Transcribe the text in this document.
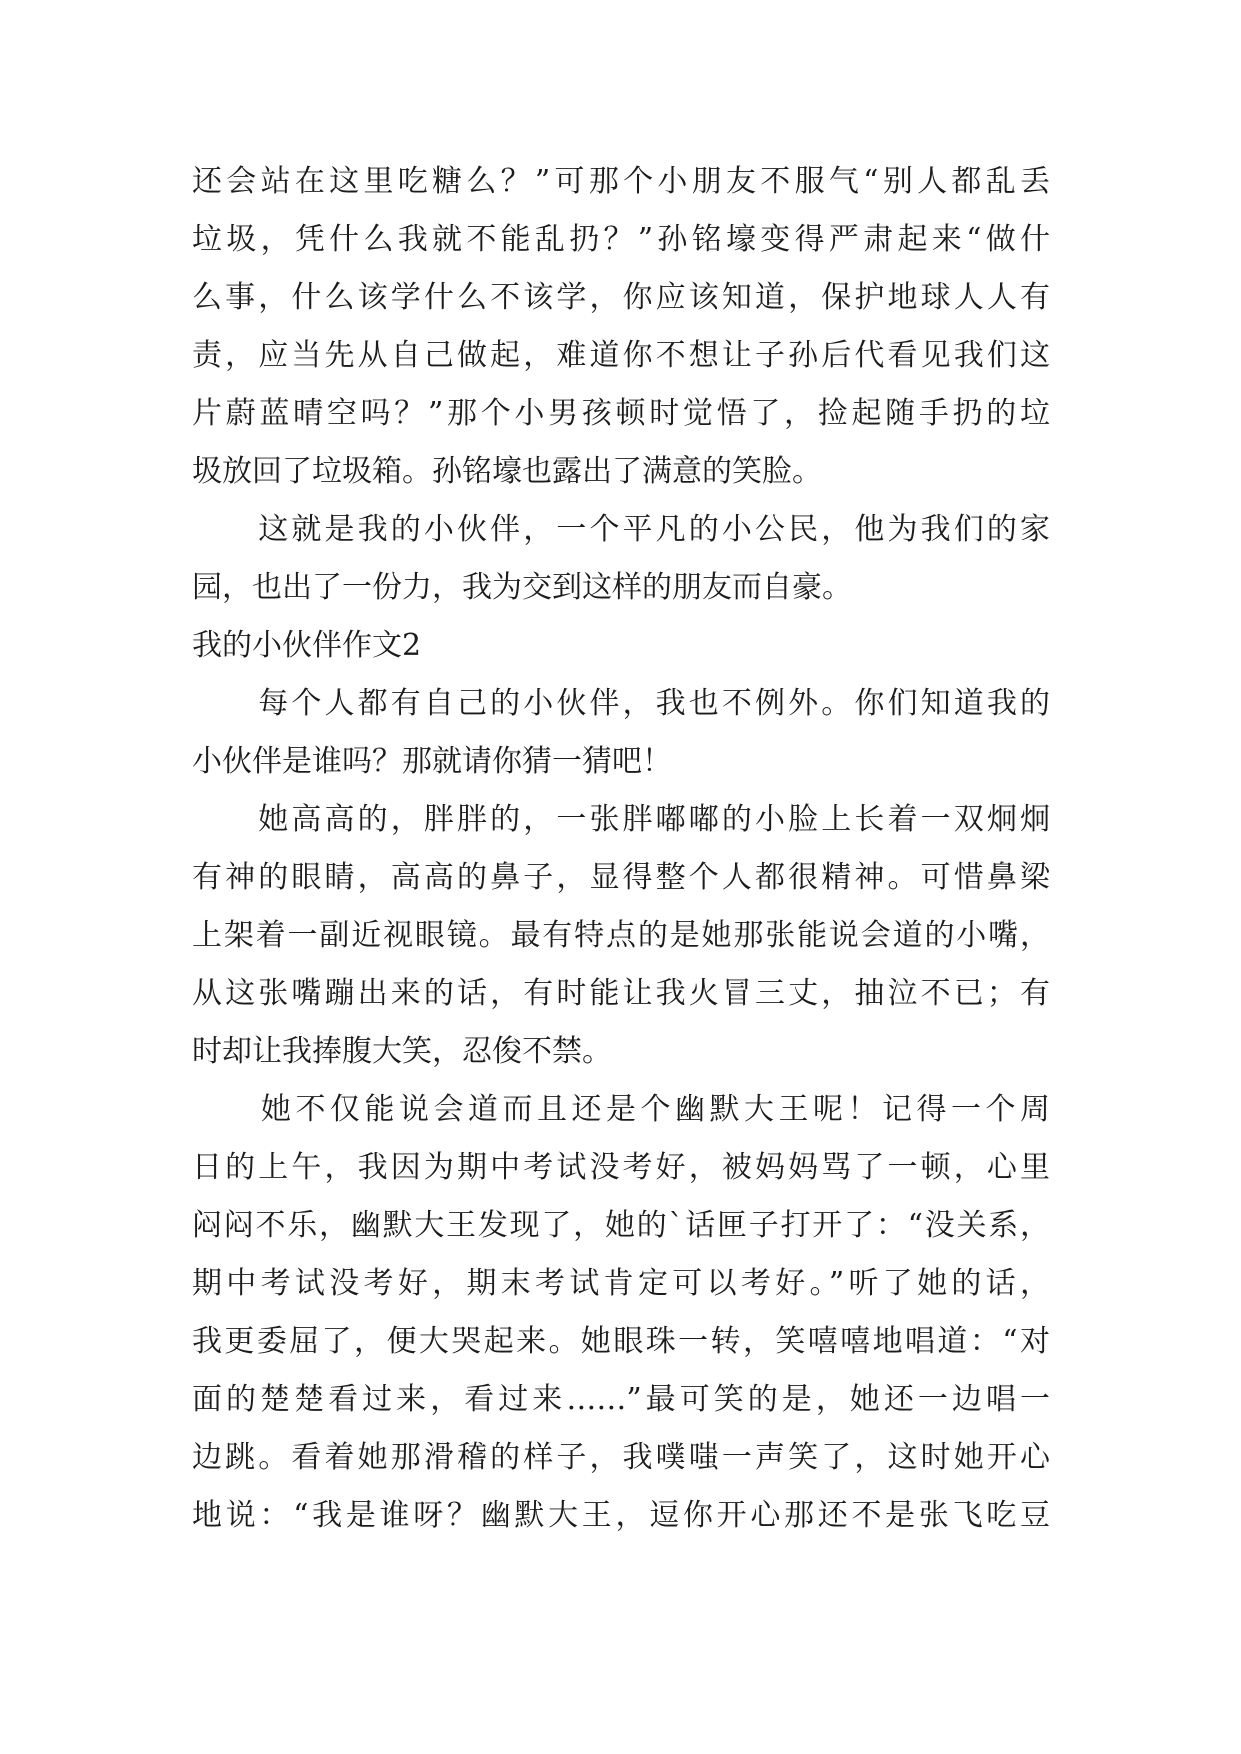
还会站在这里吃糖么？”可那个小朋友不服气“别人都乱丢
垃圾，凭什么我就不能乱扔？”孙铭壕变得严肃起来“做什
么事，什么该学什么不该学，你应该知道，保护地球人人有
责，应当先从自己做起，难道你不想让子孙后代看见我们这
片蔚蓝晴空吗？”那个小男孩顿时觉悟了，捡起随手扔的垃
圾放回了垃圾箱。孙铭壕也露出了满意的笑脸。
　　这就是我的小伙伴，一个平凡的小公民，他为我们的家
园，也出了一份力，我为交到这样的朋友而自豪。
我的小伙伴作文2
　　每个人都有自己的小伙伴，我也不例外。你们知道我的
小伙伴是谁吗？那就请你猜一猜吧！
　　她高高的，胖胖的，一张胖嘟嘟的小脸上长着一双炯炯
有神的眼睛，高高的鼻子，显得整个人都很精神。可惜鼻梁
上架着一副近视眼镜。最有特点的是她那张能说会道的小嘴，
从这张嘴蹦出来的话，有时能让我火冒三丈，抽泣不已；有
时却让我捧腹大笑，忍俊不禁。
　　她不仅能说会道而且还是个幽默大王呢！记得一个周
日的上午，我因为期中考试没考好，被妈妈骂了一顿，心里
闷闷不乐，幽默大王发现了，她的`话匣子打开了：“没关系，
期中考试没考好，期末考试肯定可以考好。”听了她的话，
我更委屈了，便大哭起来。她眼珠一转，笑嘻嘻地唱道：“对
面的楚楚看过来，看过来……”最可笑的是，她还一边唱一
边跳。看着她那滑稽的样子，我噗嗤一声笑了，这时她开心
地说：“我是谁呀？幽默大王，逗你开心那还不是张飞吃豆
